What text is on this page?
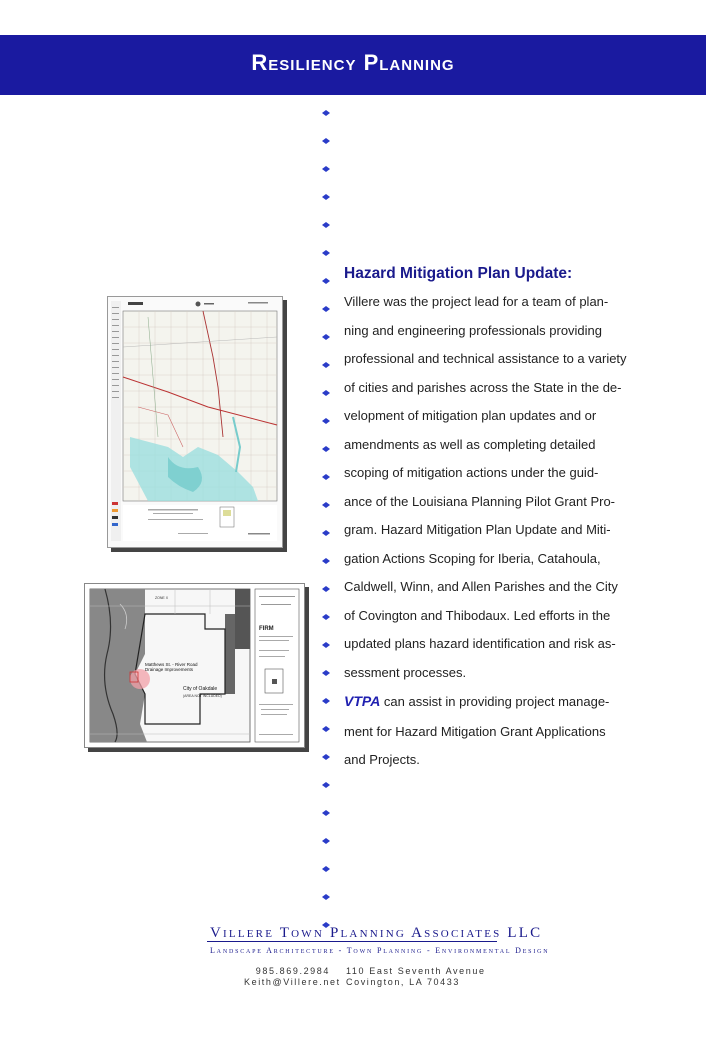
Resiliency Planning
Hazard Mitigation Plan Update:
Villere was the project lead for a team of plan-
ning and engineering professionals providing
professional and technical assistance to a variety
of cities and parishes across the State in the de-
velopment of mitigation plan updates and or
amendments as well as completing detailed
scoping of mitigation actions under the guid-
ance of the Louisiana Planning Pilot Grant Pro-
gram. Hazard Mitigation Plan Update and Miti-
gation Actions Scoping for Iberia, Catahoula,
Caldwell, Winn, and Allen Parishes and the City
of Covington and Thibodaux. Led efforts in the
updated plans hazard identification and risk as-
sessment processes.
VTPA can assist in providing project manage-
ment for Hazard Mitigation Grant Applications
and Projects.
Matthews St. - River Road
Drainage Improvements
City of Oakdale
(AREA NOT INCLUDED)
ZONE X
FIRM
Villere Town Planning Associates LLC
Landscape Architecture - Town Planning - Environmental Design
985.869.2984
Keith@Villere.net
110 East Seventh Avenue
Covington, LA 70433
